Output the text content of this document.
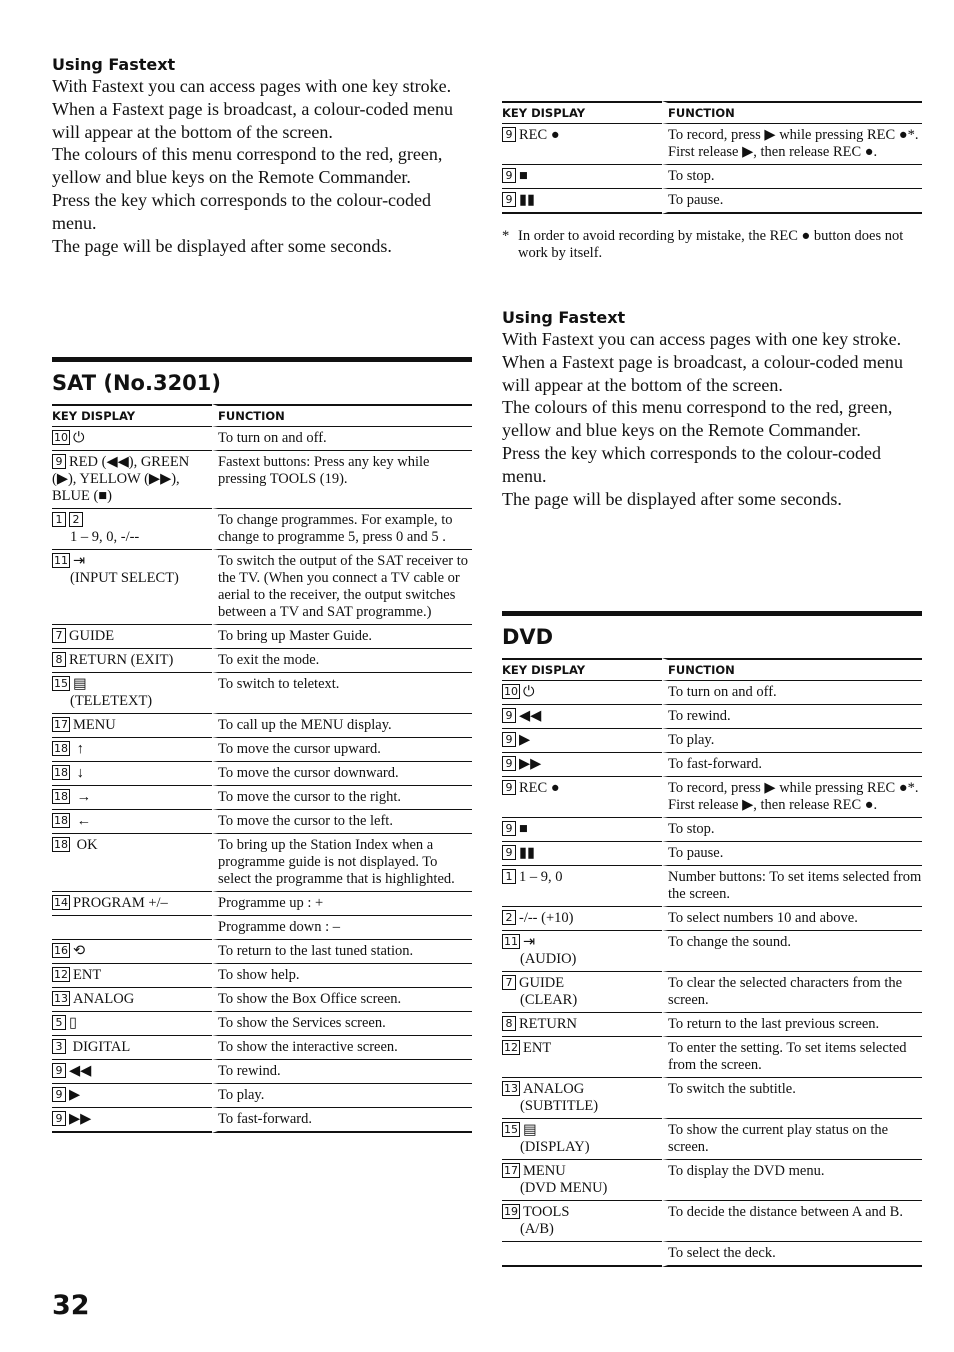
Using Fastext

With Fastext you can access pages with one key stroke.

When a Fastext page is broadcast, a colour-coded menu will appear at the bottom of the screen.

The colours of this menu correspond to the red, green, yellow and blue keys on the Remote Commander.

Press the key which corresponds to the colour-coded menu.

The page will be displayed after some seconds.

SAT (No.3201)
KEY DISPLAY	FUNCTION

10 ⏻	To turn on and off.

9 RED (◀◀), GREEN (▶), YELLOW (▶▶), BLUE (■)	Fastext buttons: Press any key while pressing TOOLS (19).

1 2
1 – 9, 0, -/--	To change programmes. For example, to change to programme 5, press 0 and 5 .

11 ⇥
(INPUT SELECT)	To switch the output of the SAT receiver to the TV. (When you connect a TV cable or aerial to the receiver, the output switches between a TV and SAT programme.)

7 GUIDE	To bring up Master Guide.

8 RETURN (EXIT)	To exit the mode.

15 ▤
(TELETEXT)	To switch to teletext.

17 MENU	To call up the MENU display.

18 ↑	To move the cursor upward.

18 ↓	To move the cursor downward.

18 →	To move the cursor to the right.

18 ←	To move the cursor to the left.

18 OK	To bring up the Station Index when a programme guide is not displayed. To select the programme that is highlighted.

14 PROGRAM +/–	Programme up : +

	Programme down : –

16 ⟲	To return to the last tuned station.

12 ENT	To show help.

13 ANALOG	To show the Box Office screen.

5 ▯	To show the Services screen.

3 DIGITAL	To show the interactive screen.

9 ◀◀	To rewind.

9 ▶	To play.

9 ▶▶	To fast-forward.
KEY DISPLAY	FUNCTION

9 REC ●	To record, press ▶ while pressing REC ●*. First release ▶, then release REC ●.

9 ■	To stop.

9 ▮▮	To pause.
* In order to avoid recording by mistake, the REC ● button does not work by itself.
Using Fastext

With Fastext you can access pages with one key stroke.

When a Fastext page is broadcast, a colour-coded menu will appear at the bottom of the screen.

The colours of this menu correspond to the red, green, yellow and blue keys on the Remote Commander.

Press the key which corresponds to the colour-coded menu.

The page will be displayed after some seconds.

DVD
KEY DISPLAY	FUNCTION

10 ⏻	To turn on and off.

9 ◀◀	To rewind.

9 ▶	To play.

9 ▶▶	To fast-forward.

9 REC ●	To record, press ▶ while pressing REC ●*. First release ▶, then release REC ●.

9 ■	To stop.

9 ▮▮	To pause.

1 1 – 9, 0	Number buttons: To set items selected from the screen.

2 -/-- (+10)	To select numbers 10 and above.

11 ⇥
(AUDIO)	To change the sound.

7 GUIDE
(CLEAR)	To clear the selected characters from the screen.

8 RETURN	To return to the last previous screen.

12 ENT	To enter the setting. To set items selected from the screen.

13 ANALOG
(SUBTITLE)	To switch the subtitle.

15 ▤
(DISPLAY)	To show the current play status on the screen.

17 MENU
(DVD MENU)	To display the DVD menu.

19 TOOLS
(A/B)	To decide the distance between A and B.

	To select the deck.
32
